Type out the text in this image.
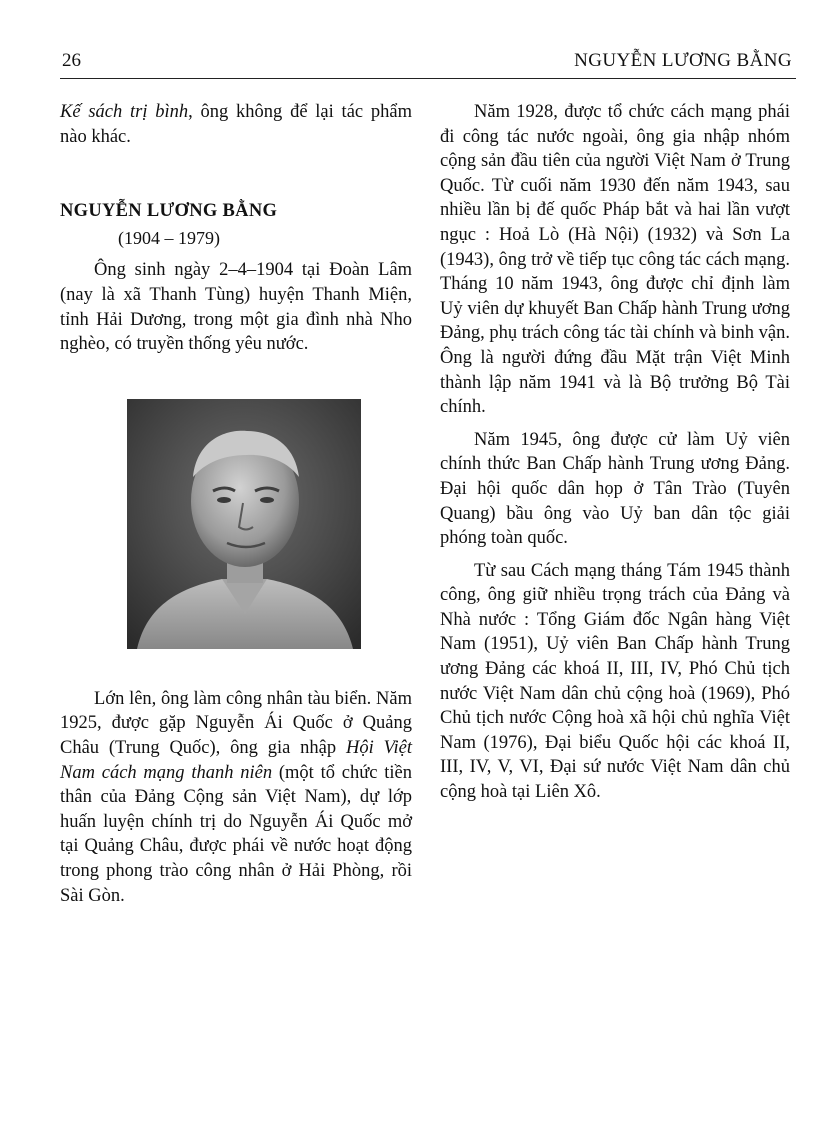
26	NGUYỄN LƯƠNG BẰNG

Kế sách trị bình, ông không để lại tác phẩm nào khác.

NGUYỄN LƯƠNG BẰNG
(1904 – 1979)

Ông sinh ngày 2–4–1904 tại Đoàn Lâm (nay là xã Thanh Tùng) huyện Thanh Miện, tỉnh Hải Dương, trong một gia đình nhà Nho nghèo, có truyền thống yêu nước.

Lớn lên, ông làm công nhân tàu biển. Năm 1925, được gặp Nguyễn Ái Quốc ở Quảng Châu (Trung Quốc), ông gia nhập Hội Việt Nam cách mạng thanh niên (một tổ chức tiền thân của Đảng Cộng sản Việt Nam), dự lớp huấn luyện chính trị do Nguyễn Ái Quốc mở tại Quảng Châu, được phái về nước hoạt động trong phong trào công nhân ở Hải Phòng, rồi Sài Gòn.

Năm 1928, được tổ chức cách mạng phái đi công tác nước ngoài, ông gia nhập nhóm cộng sản đầu tiên của người Việt Nam ở Trung Quốc. Từ cuối năm 1930 đến năm 1943, sau nhiều lần bị đế quốc Pháp bắt và hai lần vượt ngục : Hoả Lò (Hà Nội) (1932) và Sơn La (1943), ông trở về tiếp tục công tác cách mạng. Tháng 10 năm 1943, ông được chỉ định làm Uỷ viên dự khuyết Ban Chấp hành Trung ương Đảng, phụ trách công tác tài chính và binh vận. Ông là người đứng đầu Mặt trận Việt Minh thành lập năm 1941 và là Bộ trưởng Bộ Tài chính.

Năm 1945, ông được cử làm Uỷ viên chính thức Ban Chấp hành Trung ương Đảng. Đại hội quốc dân họp ở Tân Trào (Tuyên Quang) bầu ông vào Uỷ ban dân tộc giải phóng toàn quốc.

Từ sau Cách mạng tháng Tám 1945 thành công, ông giữ nhiều trọng trách của Đảng và Nhà nước : Tổng Giám đốc Ngân hàng Việt Nam (1951), Uỷ viên Ban Chấp hành Trung ương Đảng các khoá II, III, IV, Phó Chủ tịch nước Việt Nam dân chủ cộng hoà (1969), Phó Chủ tịch nước Cộng hoà xã hội chủ nghĩa Việt Nam (1976), Đại biểu Quốc hội các khoá II, III, IV, V, VI, Đại sứ nước Việt Nam dân chủ cộng hoà tại Liên Xô.
